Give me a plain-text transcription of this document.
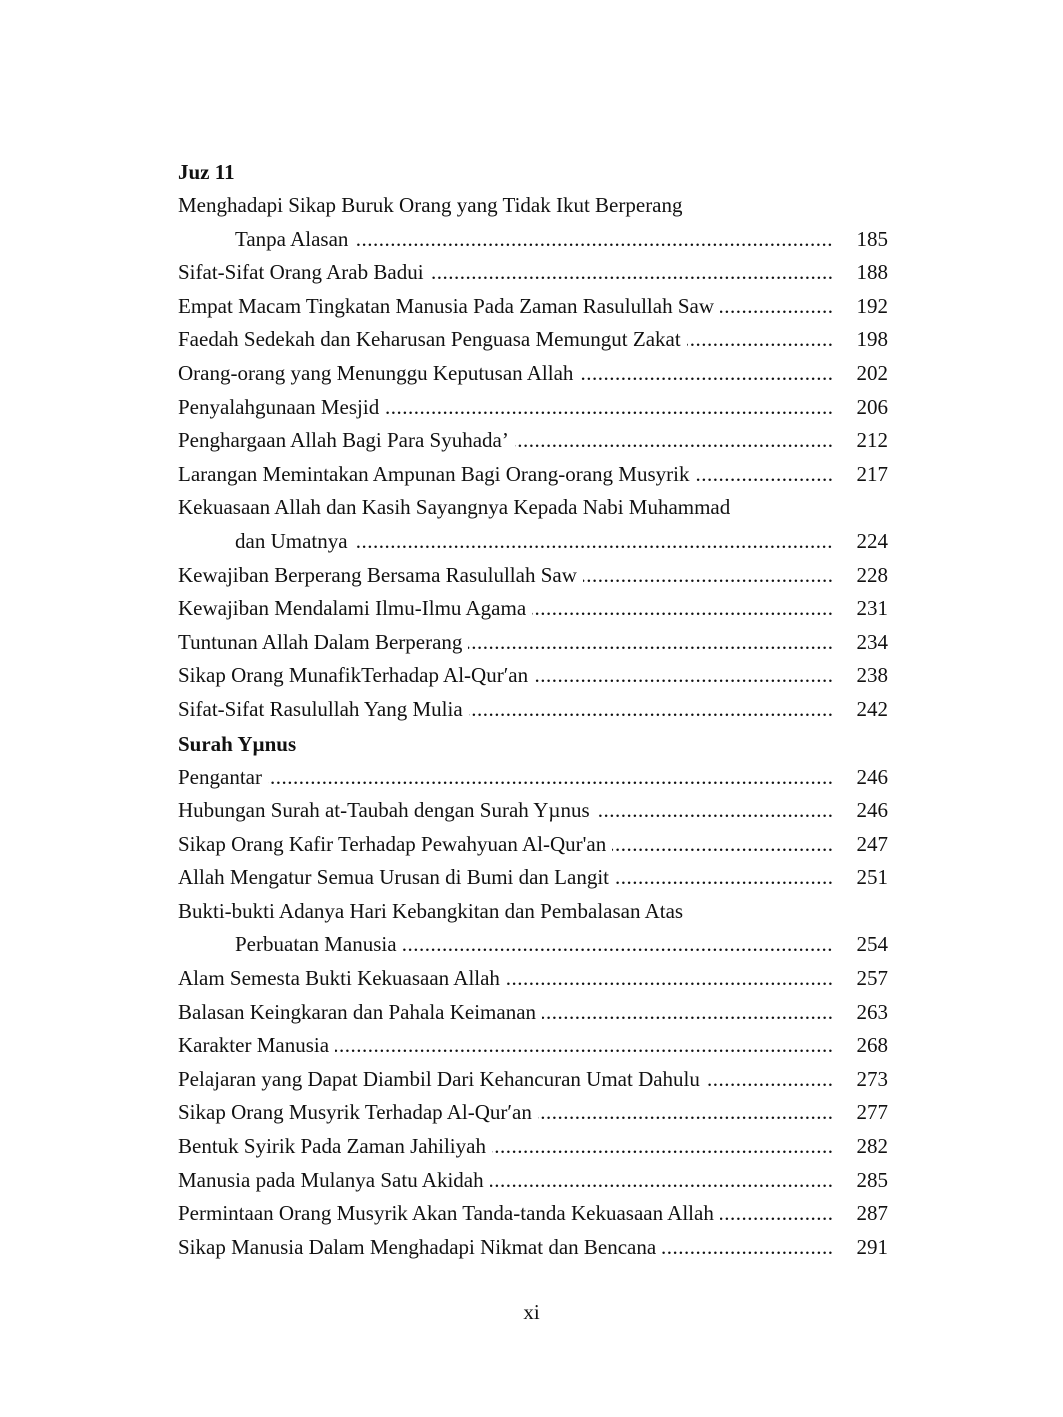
Juz 11
Menghadapi Sikap Buruk Orang yang Tidak Ikut Berperang
Tanpa Alasan .....	185
Sifat-Sifat Orang Arab Badui .....	188
Empat Macam Tingkatan Manusia Pada Zaman Rasulullah Saw .....	192
Faedah Sedekah dan Keharusan Penguasa Memungut Zakat .....	198
Orang-orang yang Menunggu Keputusan Allah .....	202
Penyalahgunaan Mesjid .....	206
Penghargaan Allah Bagi Para Syuhada’ .....	212
Larangan Memintakan Ampunan Bagi Orang-orang Musyrik .....	217
Kekuasaan Allah dan Kasih Sayangnya Kepada Nabi Muhammad
dan Umatnya .....	224
Kewajiban Berperang Bersama Rasulullah Saw .....	228
Kewajiban Mendalami Ilmu-Ilmu Agama .....	231
Tuntunan Allah Dalam Berperang .....	234
Sikap Orang MunafikTerhadap Al-Qur′an .....	238
Sifat-Sifat Rasulullah Yang Mulia .....	242
Surah Yµnus
Pengantar .....	246
Hubungan Surah at-Taubah dengan Surah Yµnus .....	246
Sikap Orang Kafir Terhadap Pewahyuan Al-Qur'an .....	247
Allah Mengatur Semua Urusan di Bumi dan Langit .....	251
Bukti-bukti Adanya Hari Kebangkitan dan Pembalasan Atas
Perbuatan Manusia .....	254
Alam Semesta Bukti Kekuasaan Allah .....	257
Balasan Keingkaran dan Pahala Keimanan .....	263
Karakter Manusia .....	268
Pelajaran yang Dapat Diambil Dari Kehancuran Umat Dahulu .....	273
Sikap Orang Musyrik Terhadap Al-Qur′an .....	277
Bentuk Syirik Pada Zaman Jahiliyah .....	282
Manusia pada Mulanya Satu Akidah .....	285
Permintaan Orang Musyrik Akan Tanda-tanda Kekuasaan Allah .....	287
Sikap Manusia Dalam Menghadapi Nikmat dan Bencana .....	291
xi
